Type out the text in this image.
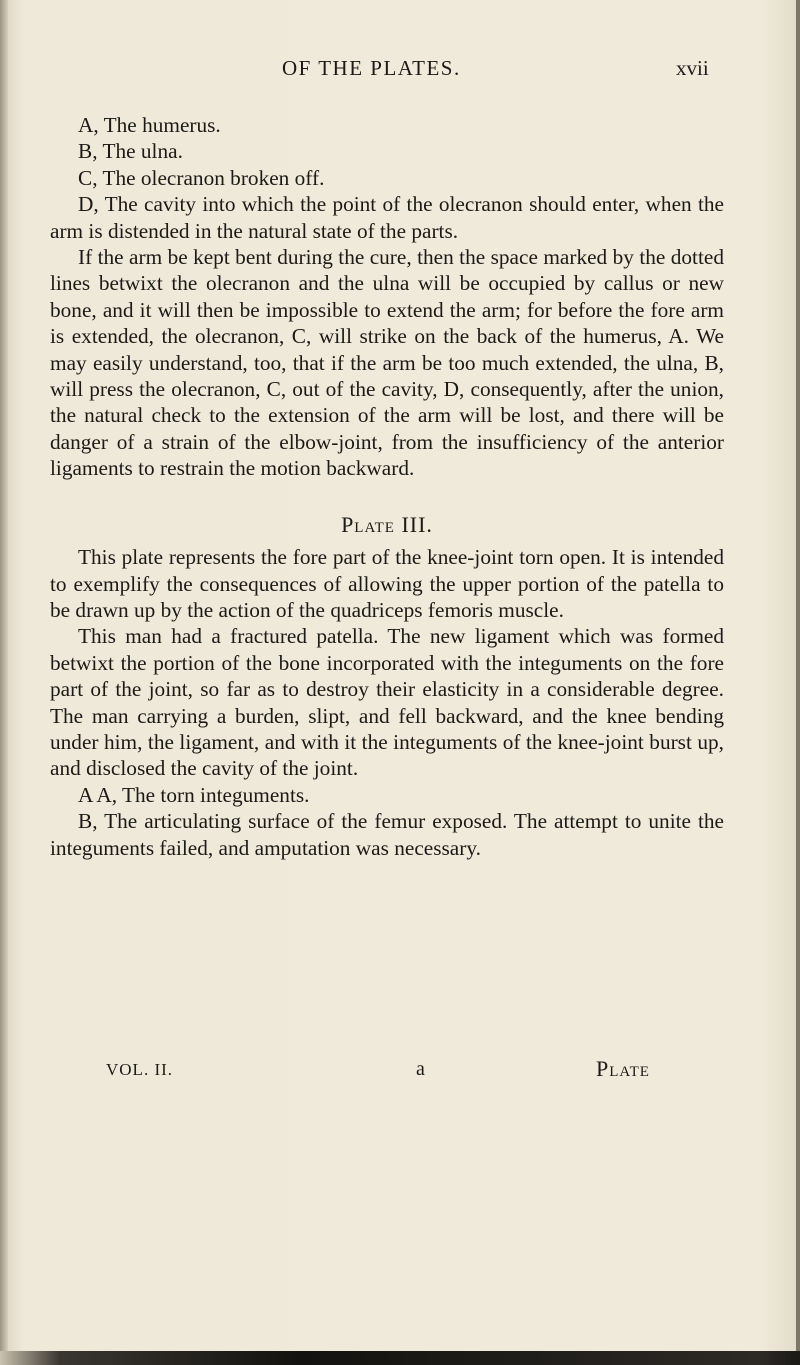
OF THE PLATES.	xvii

A, The humerus.

B, The ulna.

C, The olecranon broken off.

D, The cavity into which the point of the olecranon should enter, when the arm is distended in the natural state of the parts.

If the arm be kept bent during the cure, then the space marked by the dotted lines betwixt the olecranon and the ulna will be occupied by callus or new bone, and it will then be impossible to extend the arm; for before the fore arm is extended, the olecranon, C, will strike on the back of the humerus, A. We may easily understand, too, that if the arm be too much extended, the ulna, B, will press the olecranon, C, out of the cavity, D, consequently, after the union, the natural check to the extension of the arm will be lost, and there will be danger of a strain of the elbow-joint, from the insufficiency of the anterior ligaments to restrain the motion backward.

Plate III.

This plate represents the fore part of the knee-joint torn open. It is intended to exemplify the consequences of allowing the upper portion of the patella to be drawn up by the action of the quadriceps femoris muscle.

This man had a fractured patella. The new ligament which was formed betwixt the portion of the bone incorporated with the integuments on the fore part of the joint, so far as to destroy their elasticity in a considerable degree. The man carrying a burden, slipt, and fell backward, and the knee bending under him, the ligament, and with it the integuments of the knee-joint burst up, and disclosed the cavity of the joint.

A A, The torn integuments.

B, The articulating surface of the femur exposed. The attempt to unite the integuments failed, and amputation was necessary.

VOL. II.	a	Plate
